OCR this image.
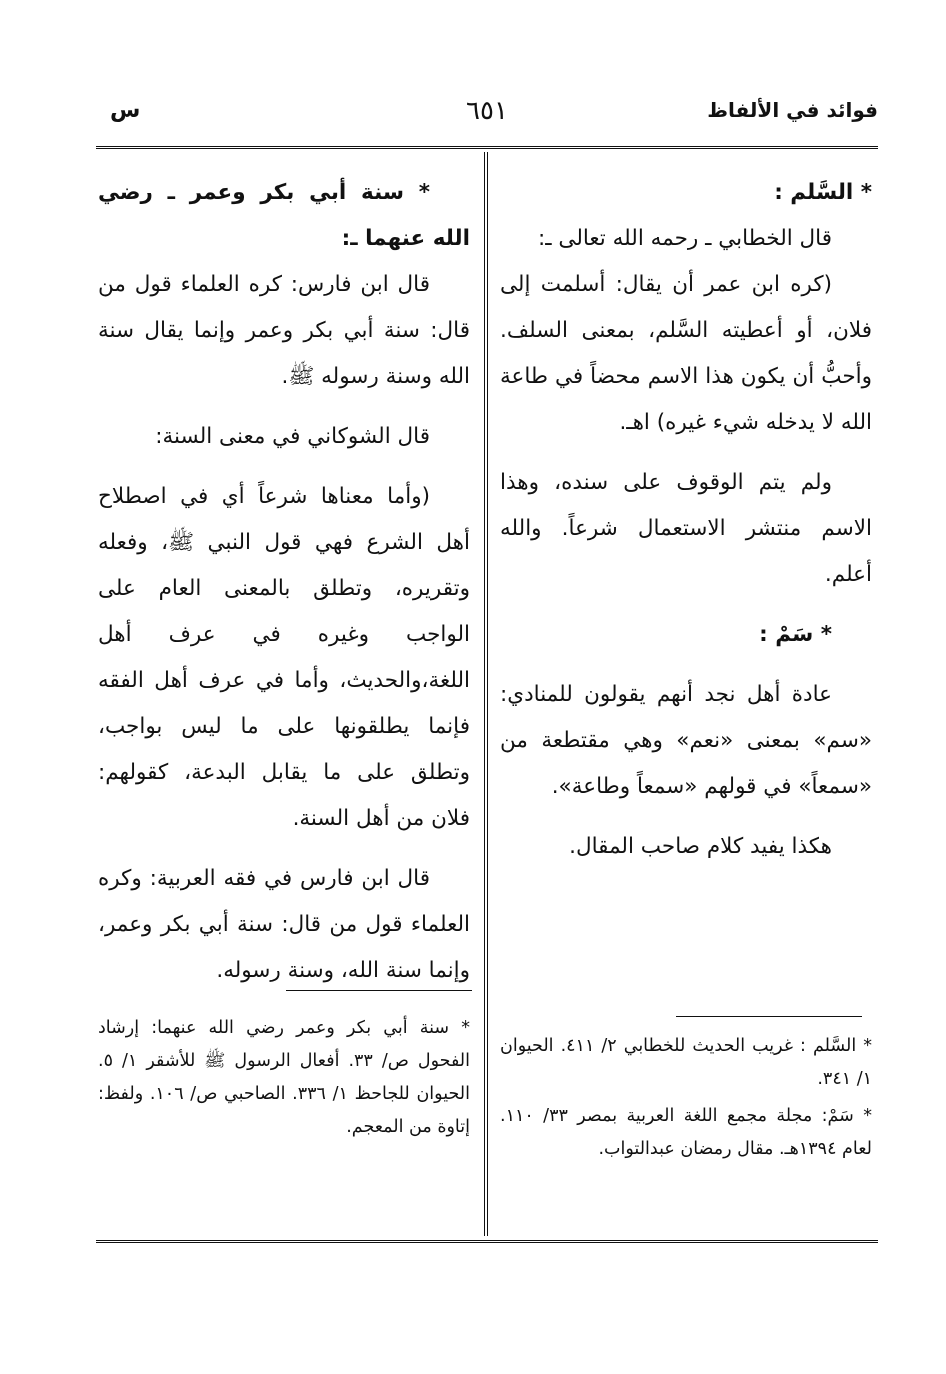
فوائد في الألفاظ
٦٥١
س

* السَّلم :

قال الخطابي ـ رحمه الله تعالى ـ:

(كره ابن عمر أن يقال: أسلمت إلى فلان، أو أعطيته السَّلم، بمعنى السلف. وأحبُّ أن يكون هذا الاسم محضاً في طاعة الله لا يدخله شيء غيره) اهـ.

ولم يتم الوقوف على سنده، وهذا الاسم منتشر الاستعمال شرعاً. والله أعلم.

* سَمْ :

عادة أهل نجد أنهم يقولون للمنادي: «سم» بمعنى «نعم» وهي مقتطعة من «سمعاً» في قولهم «سمعاً وطاعة».

هكذا يفيد كلام صاحب المقال.

* سنة أبي بكر وعمر ـ رضي الله عنهما ـ:

قال ابن فارس: كره العلماء قول من قال: سنة أبي بكر وعمر وإنما يقال سنة الله وسنة رسوله ﷺ.

قال الشوكاني في معنى السنة:

(وأما معناها شرعاً أي في اصطلاح أهل الشرع فهي قول النبي ﷺ، وفعله وتقريره، وتطلق بالمعنى العام على الواجب وغيره في عرف أهل اللغة،والحديث، وأما في عرف أهل الفقه فإنما يطلقونها على ما ليس بواجب، وتطلق على ما يقابل البدعة، كقولهم: فلان من أهل السنة.

قال ابن فارس في فقه العربية: وكره العلماء قول من قال: سنة أبي بكر وعمر، وإنما سنة الله، وسنة رسوله.

* السَّلم : غريب الحديث للخطابي ٢/ ٤١١. الحيوان ١/ ٣٤١.

* سَمْ: مجلة مجمع اللغة العربية بمصر ٣٣/ ١١٠. لعام ١٣٩٤هـ. مقال رمضان عبدالتواب.

* سنة أبي بكر وعمر رضي الله عنهما: إرشاد الفحول ص/ ٣٣. أفعال الرسول ﷺ للأشقر ١/ ٥. الحيوان للجاحظ ١/ ٣٣٦. الصاحبي ص/ ١٠٦. ولفظ: إتاوة من المعجم.
